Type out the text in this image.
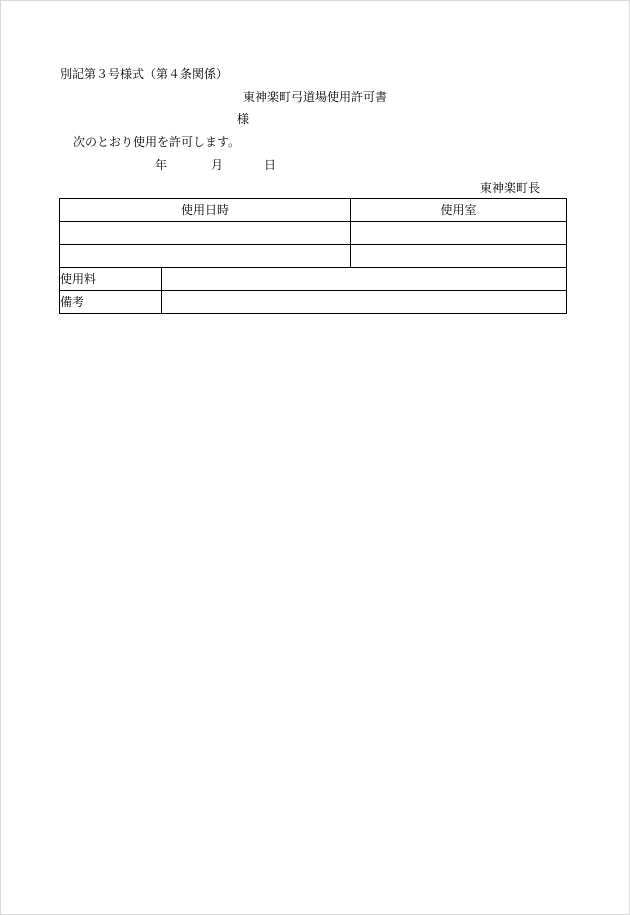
別記第３号様式（第４条関係）
東神楽町弓道場使用許可書
様
次のとおり使用を許可します。
年	月	日
東神楽町長
使用日時		使用室

使用料		
備考		
